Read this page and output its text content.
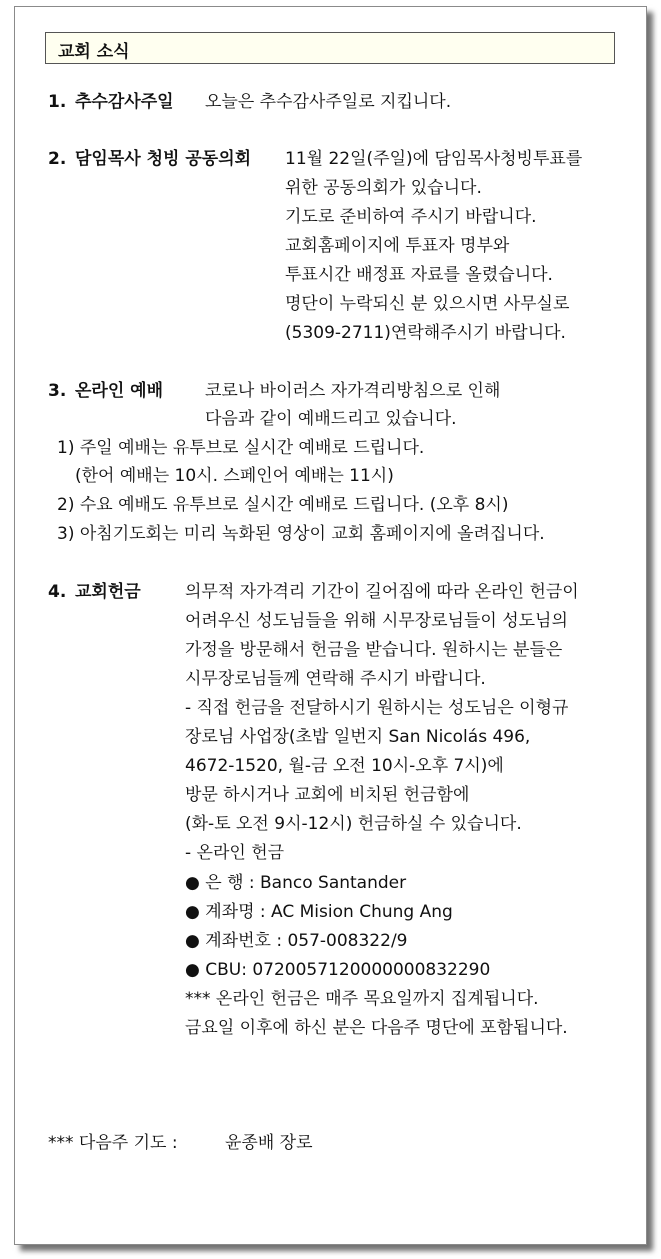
교회 소식
1. 추수감사주일 오늘은 추수감사주일로 지킵니다.
2. 담임목사 청빙 공동의회 11월 22일(주일)에 담임목사청빙투표를
위한 공동의회가 있습니다.
기도로 준비하여 주시기 바랍니다.
교회홈페이지에 투표자 명부와
투표시간 배정표 자료를 올렸습니다.
명단이 누락되신 분 있으시면 사무실로
(5309-2711)연락해주시기 바랍니다.
3. 온라인 예배 코로나 바이러스 자가격리방침으로 인해
다음과 같이 예배드리고 있습니다.
1) 주일 예배는 유투브로 실시간 예배로 드립니다.
(한어 예배는 10시. 스페인어 예배는 11시)
2) 수요 예배도 유투브로 실시간 예배로 드립니다. (오후 8시)
3) 아침기도회는 미리 녹화된 영상이 교회 홈페이지에 올려집니다.
4. 교회헌금	의무적 자가격리 기간이 길어짐에 따라 온라인 헌금이
어려우신 성도님들을 위해 시무장로님들이 성도님의
가정을 방문해서 헌금을 받습니다. 원하시는 분들은
시무장로님들께 연락해 주시기 바랍니다.
- 직접 헌금을 전달하시기 원하시는 성도님은 이형규
장로님 사업장(초밥 일번지 San Nicolás 496,
4672-1520, 월-금 오전 10시-오후 7시)에
방문 하시거나 교회에 비치된 헌금함에
(화-토 오전 9시-12시) 헌금하실 수 있습니다.
- 온라인 헌금
● 은 행 : Banco Santander
● 계좌명 : AC Mision Chung Ang
● 계좌번호 : 057-008322/9
● CBU: 0720057120000000832290
*** 온라인 헌금은 매주 목요일까지 집계됩니다.
금요일 이후에 하신 분은 다음주 명단에 포함됩니다.
*** 다음주 기도 :	윤종배 장로
